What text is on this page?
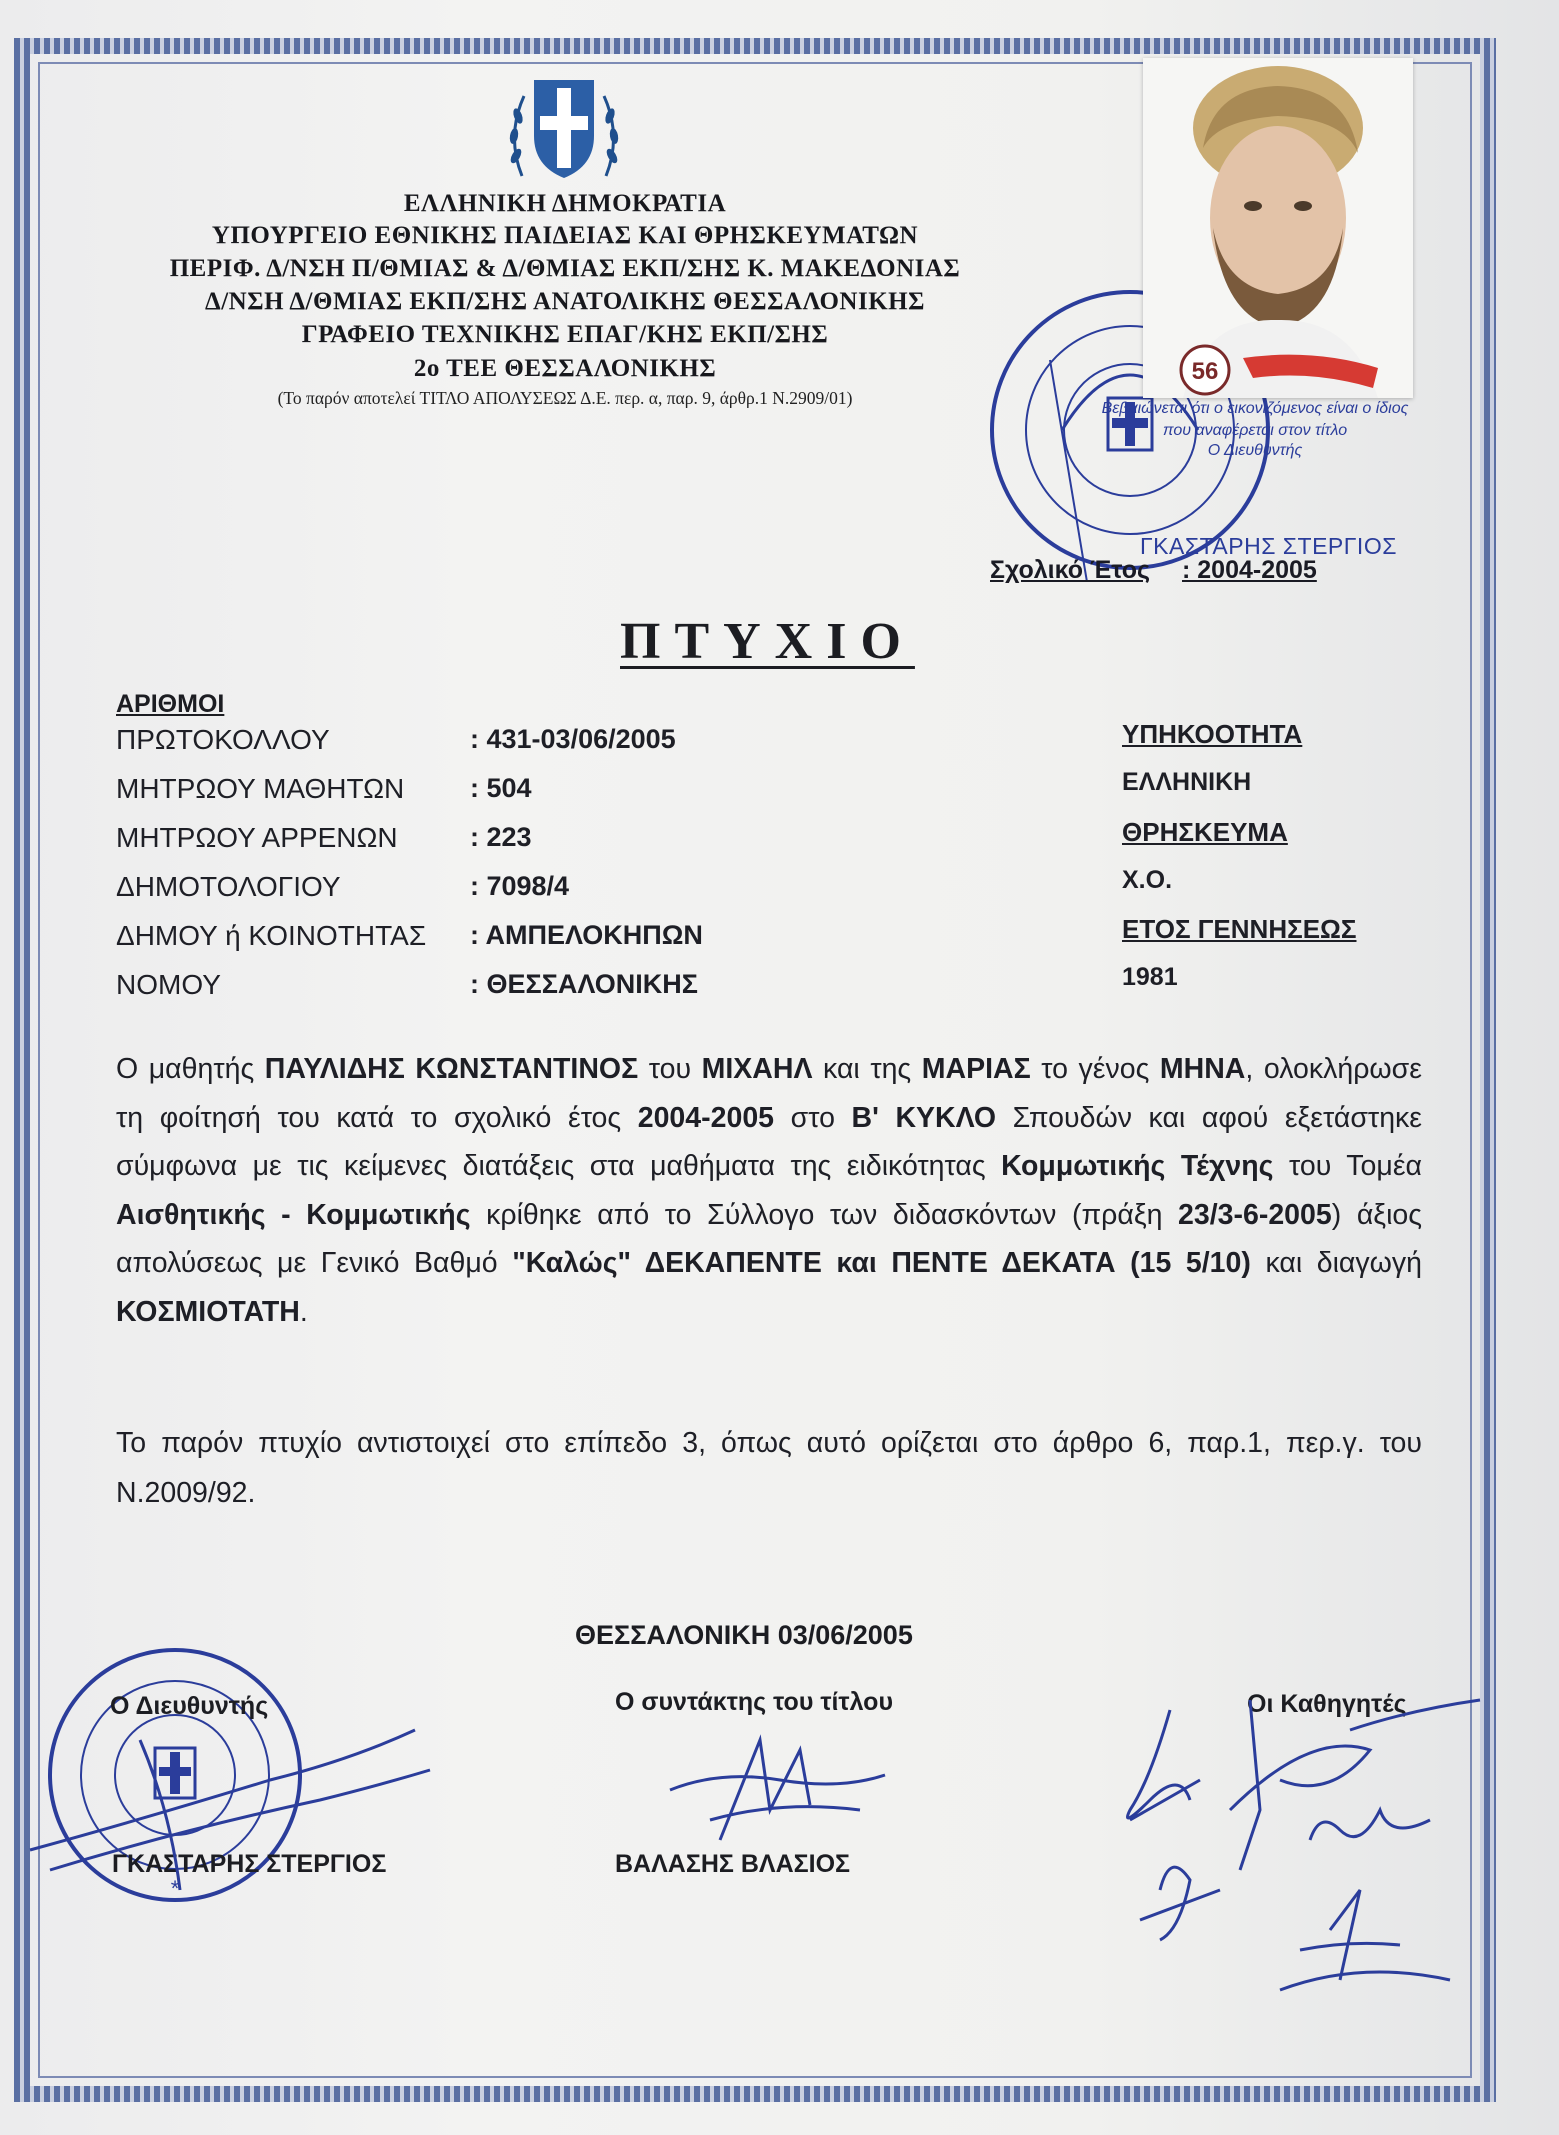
ΕΛΛΗΝΙΚΗ ΔΗΜΟΚΡΑΤΙΑ
ΥΠΟΥΡΓΕΙΟ ΕΘΝΙΚΗΣ ΠΑΙΔΕΙΑΣ ΚΑΙ ΘΡΗΣΚΕΥΜΑΤΩΝ
ΠΕΡΙΦ. Δ/ΝΣΗ Π/ΘΜΙΑΣ & Δ/ΘΜΙΑΣ ΕΚΠ/ΣΗΣ Κ. ΜΑΚΕΔΟΝΙΑΣ
Δ/ΝΣΗ Δ/ΘΜΙΑΣ ΕΚΠ/ΣΗΣ ΑΝΑΤΟΛΙΚΗΣ ΘΕΣΣΑΛΟΝΙΚΗΣ
ΓΡΑΦΕΙΟ ΤΕΧΝΙΚΗΣ ΕΠΑΓ/ΚΗΣ ΕΚΠ/ΣΗΣ
2ο ΤΕΕ ΘΕΣΣΑΛΟΝΙΚΗΣ
(Το παρόν αποτελεί ΤΙΤΛΟ ΑΠΟΛΥΣΕΩΣ Δ.Ε. περ. α, παρ. 9, άρθρ.1 Ν.2909/01)
56
Βεβαιώνεται ότι ο εικονιζόμενος είναι ο ίδιος που αναφέρεται στον τίτλο
Ο Διευθυντής
ΓΚΑΣΤΑΡΗΣ ΣΤΕΡΓΙΟΣ
Σχολικό Έτος : 2004-2005
ΠΤΥΧΙΟ
ΑΡΙΘΜΟΙ
ΠΡΩΤΟΚΟΛΛΟΥ	: 431-03/06/2005
ΜΗΤΡΩΟΥ ΜΑΘΗΤΩΝ : 504
ΜΗΤΡΩΟΥ ΑΡΡΕΝΩΝ	: 223
ΔΗΜΟΤΟΛΟΓΙΟΥ	: 7098/4
ΔΗΜΟΥ ή ΚΟΙΝΟΤΗΤΑΣ : ΑΜΠΕΛΟΚΗΠΩΝ
ΝΟΜΟΥ	: ΘΕΣΣΑΛΟΝΙΚΗΣ
ΥΠΗΚΟΟΤΗΤΑ
ΕΛΛΗΝΙΚΗ
ΘΡΗΣΚΕΥΜΑ
Χ.Ο.
ΕΤΟΣ ΓΕΝΝΗΣΕΩΣ
1981
Ο μαθητής ΠΑΥΛΙΔΗΣ ΚΩΝΣΤΑΝΤΙΝΟΣ του ΜΙΧΑΗΛ και της ΜΑΡΙΑΣ το γένος ΜΗΝΑ, ολοκλήρωσε τη φοίτησή του κατά το σχολικό έτος 2004-2005 στο Β' ΚΥΚΛΟ Σπουδών και αφού εξετάστηκε σύμφωνα με τις κείμενες διατάξεις στα μαθήματα της ειδικότητας Κομμωτικής Τέχνης του Τομέα Αισθητικής - Κομμωτικής κρίθηκε από το Σύλλογο των διδασκόντων (πράξη 23/3-6-2005) άξιος απολύσεως με Γενικό Βαθμό "Καλώς" ΔΕΚΑΠΕΝΤΕ και ΠΕΝΤΕ ΔΕΚΑΤΑ (15 5/10) και διαγωγή ΚΟΣΜΙΟΤΑΤΗ.
Το παρόν πτυχίο αντιστοιχεί στο επίπεδο 3, όπως αυτό ορίζεται στο άρθρο 6, παρ.1, περ.γ. του Ν.2009/92.
ΘΕΣΣΑΛΟΝΙΚΗ 03/06/2005
*
Ο Διευθυντής
ΓΚΑΣΤΑΡΗΣ ΣΤΕΡΓΙΟΣ
Ο συντάκτης του τίτλου
ΒΑΛΑΣΗΣ ΒΛΑΣΙΟΣ
Οι Καθηγητές
